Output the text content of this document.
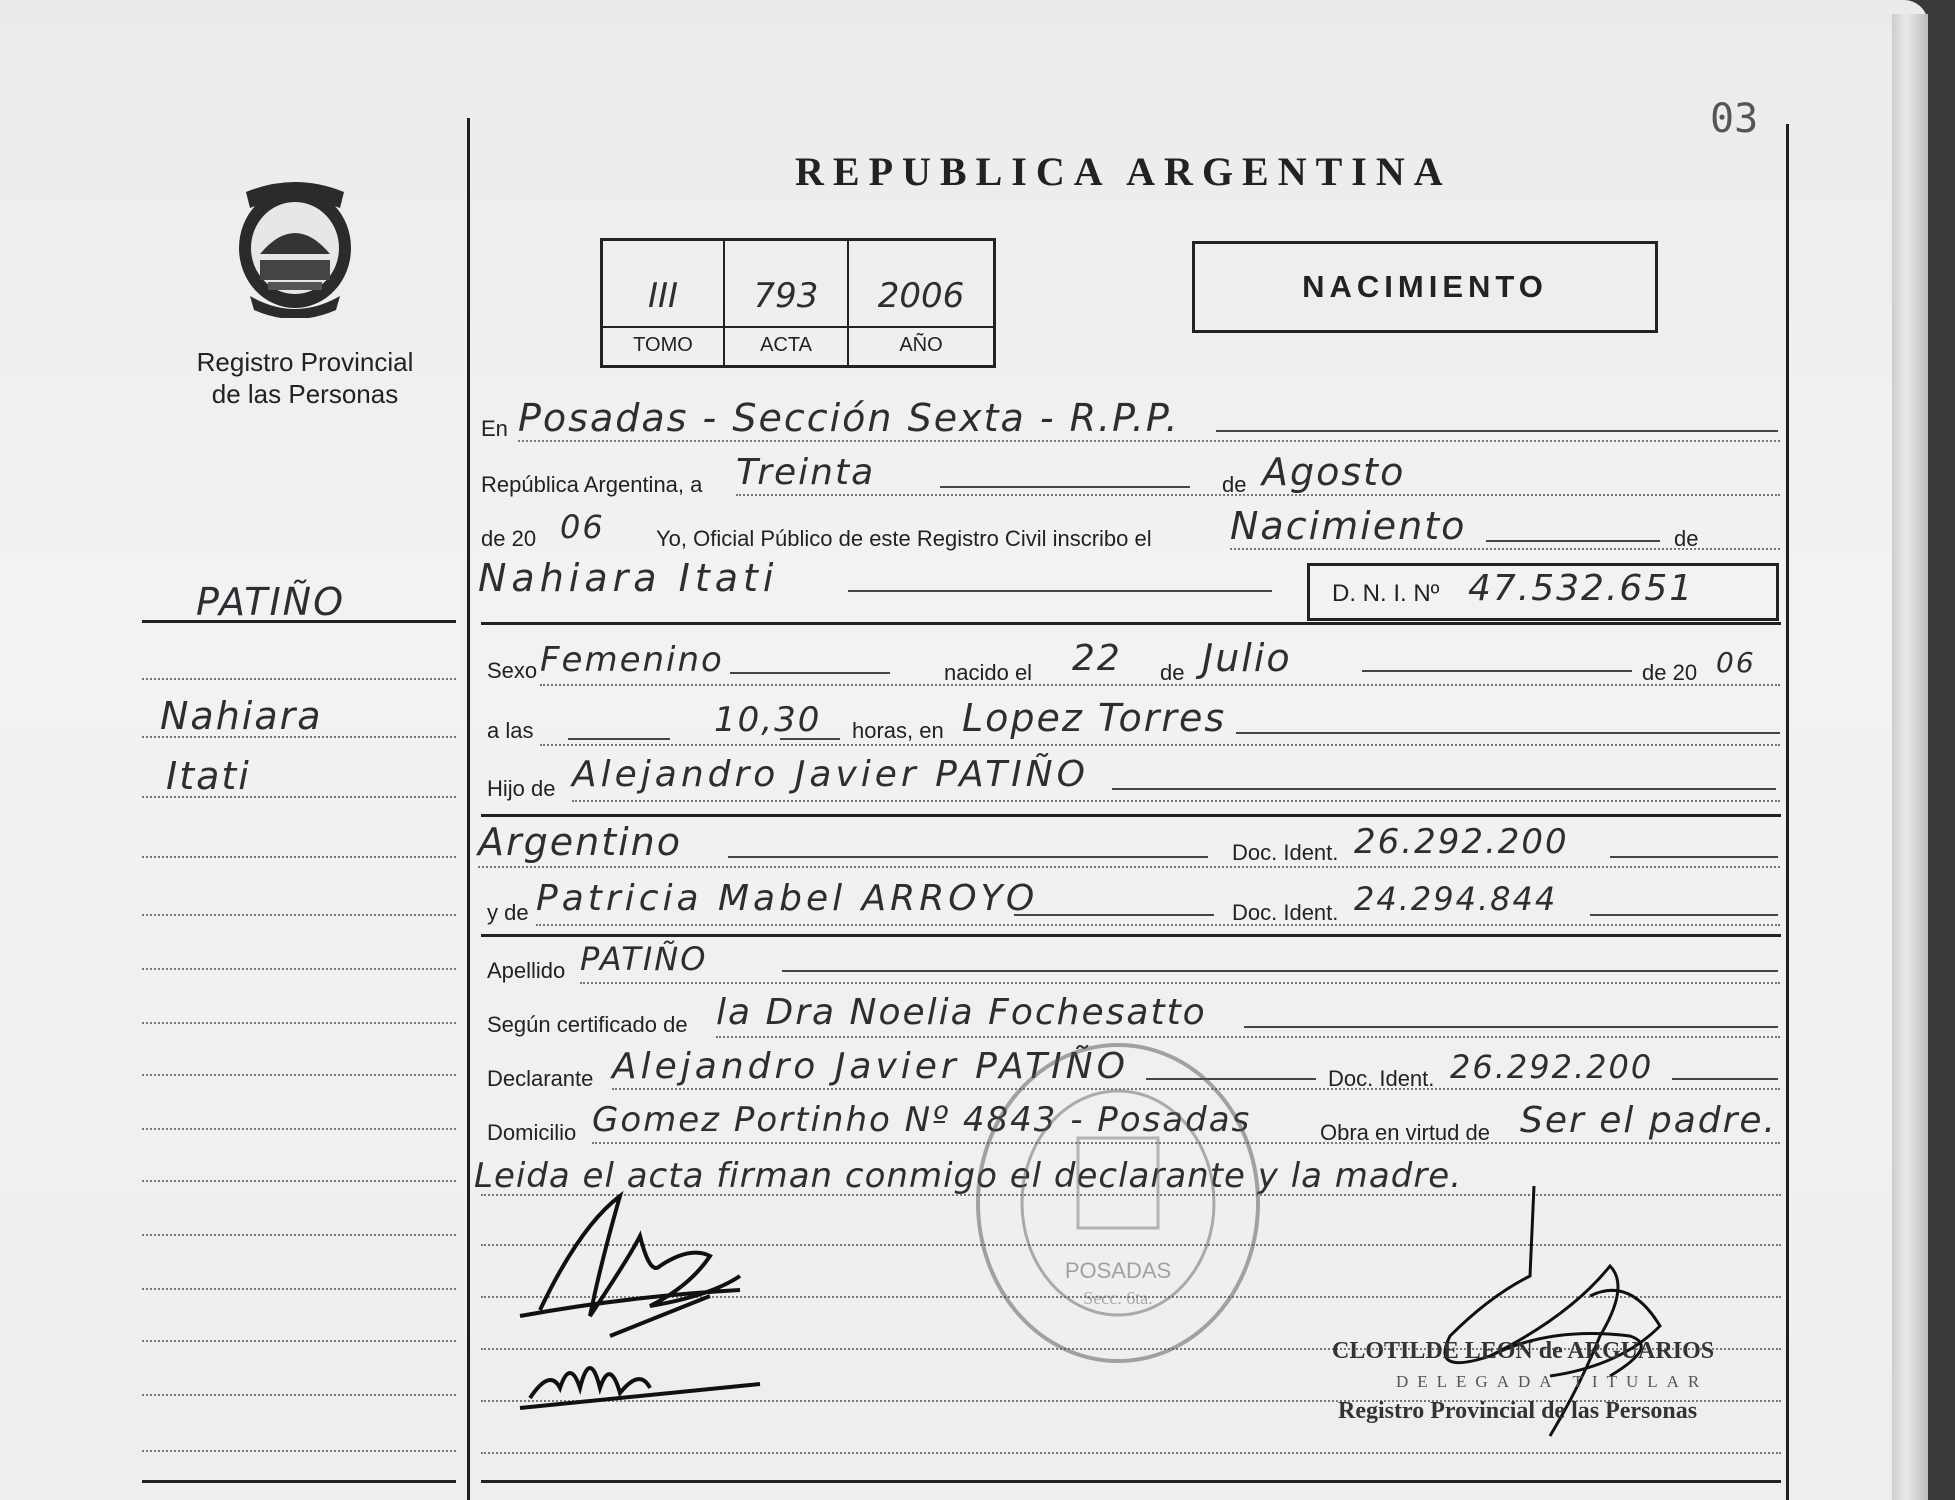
03
Registro Provincial
de las Personas
REPUBLICA ARGENTINA
III	793	2006
TOMO	ACTA	AÑO
NACIMIENTO
PATIÑO
Nahiara
Itati
En Posadas - Sección Sexta - R.P.P.
República Argentina, a Treinta	de Agosto
de 20 06 Yo, Oficial Público de este Registro Civil inscribo el Nacimiento	de
Nahiara Itati	D. N. I. Nº 47.532.651
Sexo Femenino	nacido el 22 de Julio	de 20 06
a las	10,30 horas, en Lopez Torres
Hijo de Alejandro Javier PATIÑO
Argentino	Doc. Ident. 26.292.200
y de Patricia Mabel ARROYO	Doc. Ident. 24.294.844
Apellido PATIÑO
Según certificado de la Dra Noelia Fochesatto
Declarante Alejandro Javier PATIÑO	Doc. Ident. 26.292.200
Domicilio Gomez Portinho Nº 4843 - Posadas	Obra en virtud de Ser el padre.
Leida el acta firman conmigo el declarante y la madre.
POSADAS
Secc. 6ta.
CLOTILDE LEON de ARGUARIOS
DELEGADA TITULAR
Registro Provincial de las Personas
